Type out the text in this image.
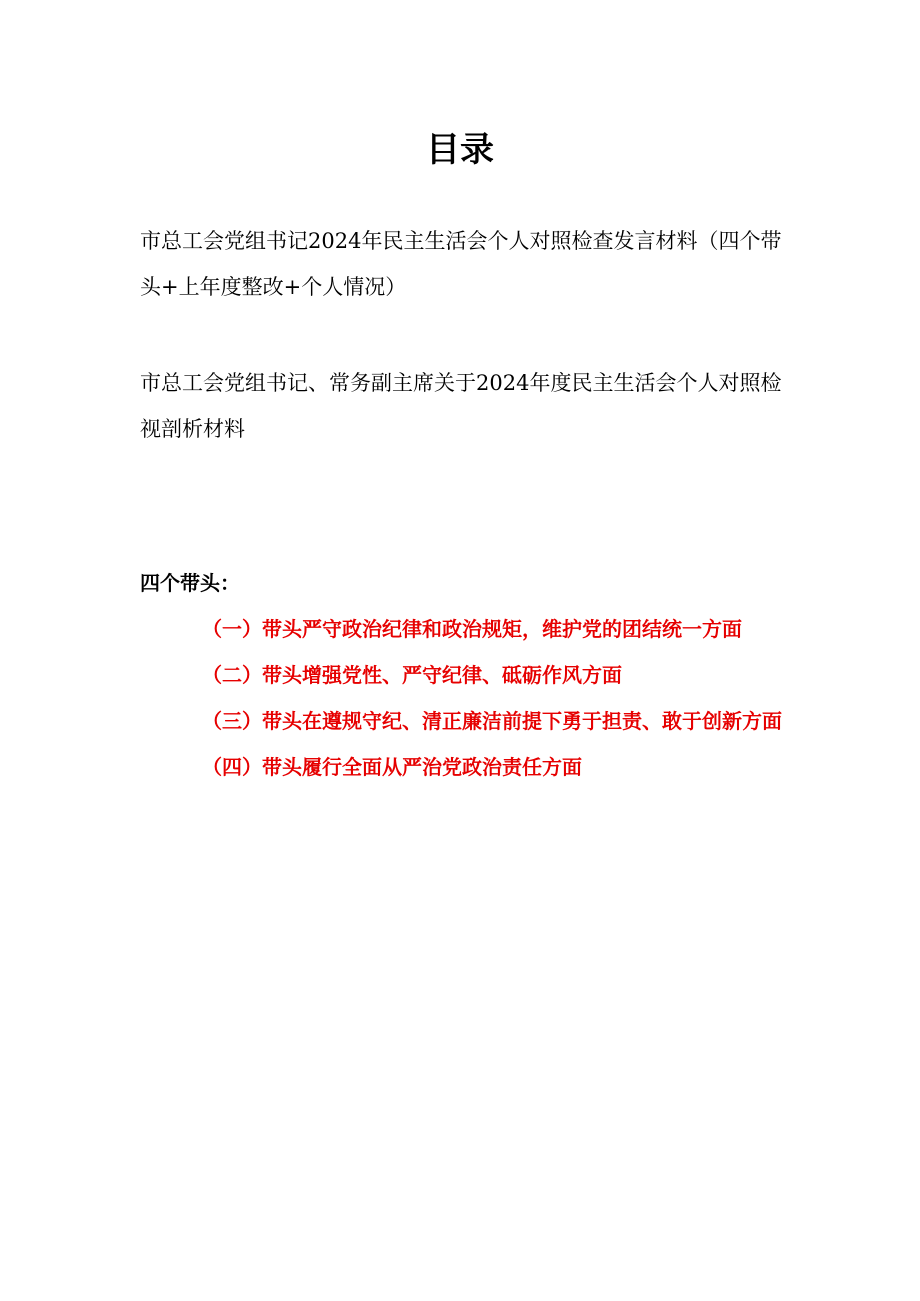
目录

市总工会党组书记2024年民主生活会个人对照检查发言材料（四个带头+上年度整改+个人情况）

市总工会党组书记、常务副主席关于2024年度民主生活会个人对照检视剖析材料

四个带头：

（一）带头严守政治纪律和政治规矩，维护党的团结统一方面

（二）带头增强党性、严守纪律、砥砺作风方面

（三）带头在遵规守纪、清正廉洁前提下勇于担责、敢于创新方面

（四）带头履行全面从严治党政治责任方面
